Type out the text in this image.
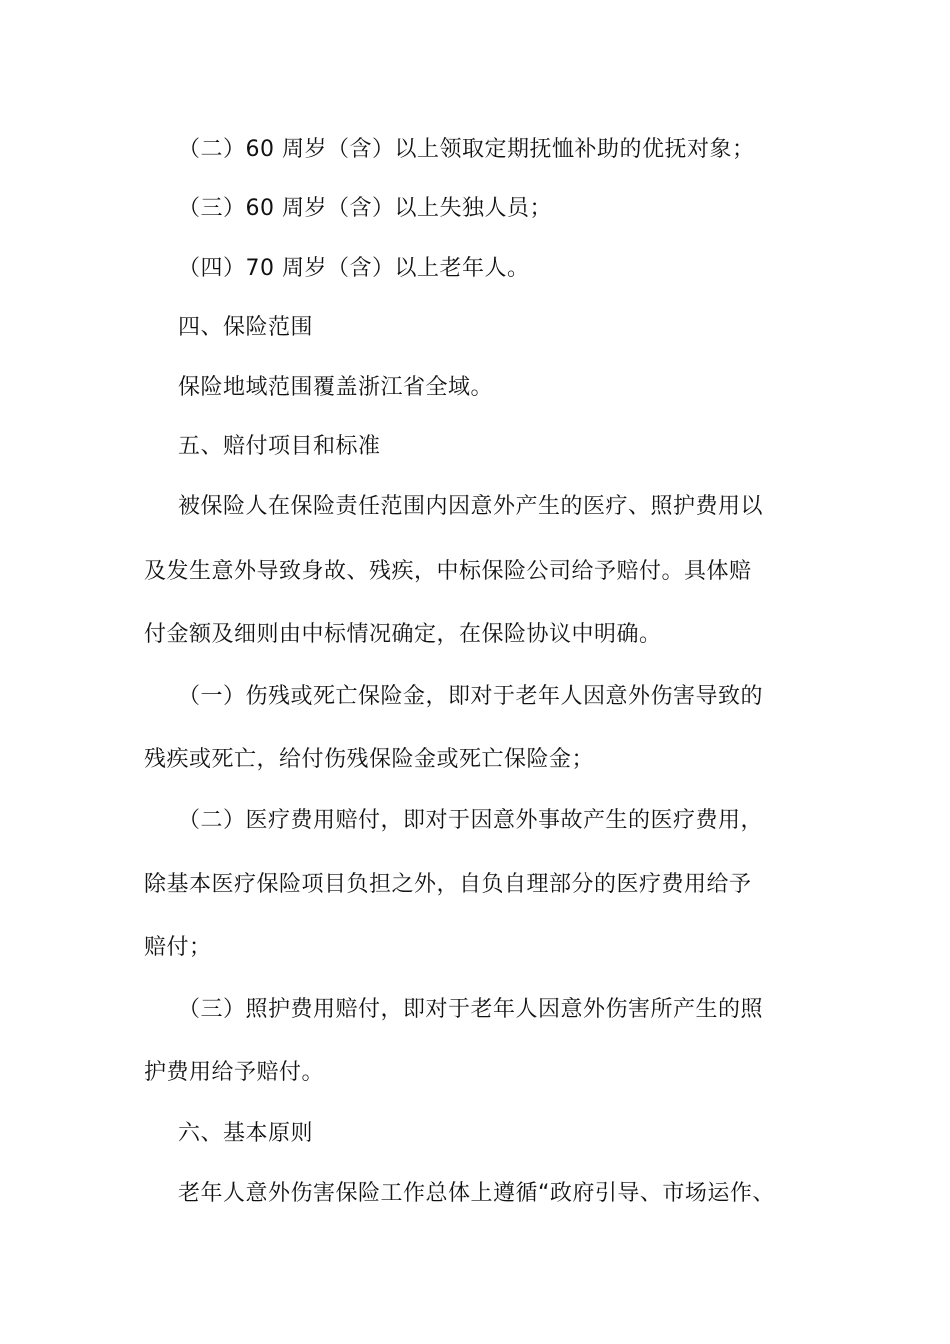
（二）60 周岁（含）以上领取定期抚恤补助的优抚对象；
（三）60 周岁（含）以上失独人员；
（四）70 周岁（含）以上老年人。
四、保险范围
保险地域范围覆盖浙江省全域。
五、赔付项目和标准
被保险人在保险责任范围内因意外产生的医疗、照护费用以
及发生意外导致身故、残疾，中标保险公司给予赔付。具体赔
付金额及细则由中标情况确定，在保险协议中明确。
（一）伤残或死亡保险金，即对于老年人因意外伤害导致的
残疾或死亡，给付伤残保险金或死亡保险金；
（二）医疗费用赔付，即对于因意外事故产生的医疗费用，
除基本医疗保险项目负担之外，自负自理部分的医疗费用给予
赔付；
（三）照护费用赔付，即对于老年人因意外伤害所产生的照
护费用给予赔付。
六、基本原则
老年人意外伤害保险工作总体上遵循“政府引导、市场运作、
